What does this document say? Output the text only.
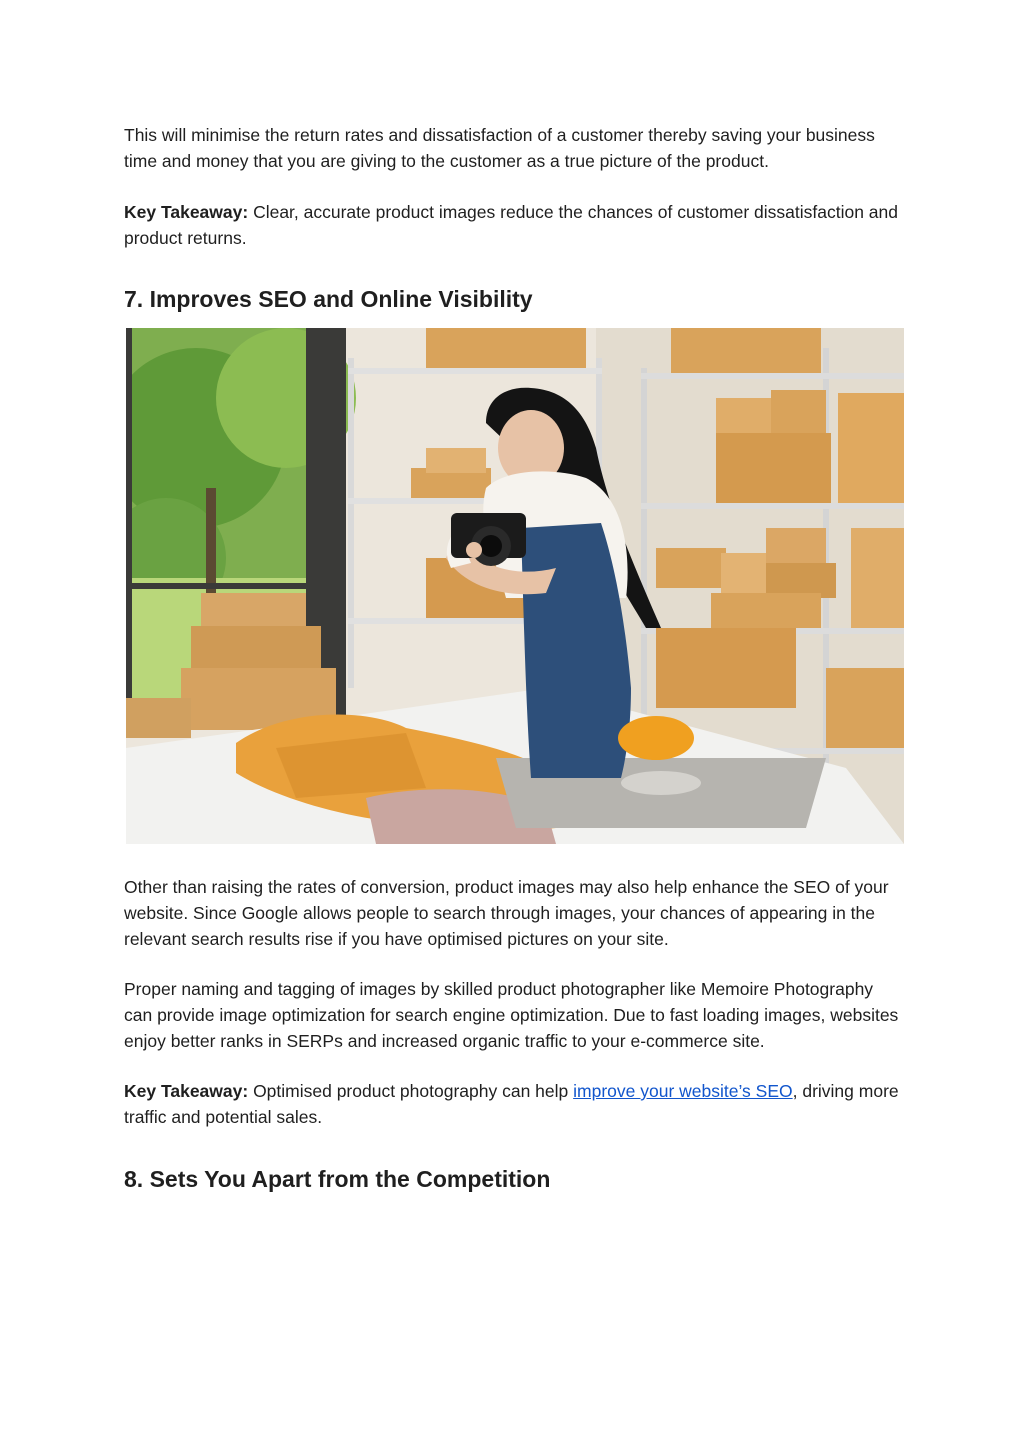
This will minimise the return rates and dissatisfaction of a customer thereby saving your business time and money that you are giving to the customer as a true picture of the product.

Key Takeaway: Clear, accurate product images reduce the chances of customer dissatisfaction and product returns.

7. Improves SEO and Online Visibility

Other than raising the rates of conversion, product images may also help enhance the SEO of your website. Since Google allows people to search through images, your chances of appearing in the relevant search results rise if you have optimised pictures on your site.

Proper naming and tagging of images by skilled product photographer like Memoire Photography can provide image optimization for search engine optimization. Due to fast loading images, websites enjoy better ranks in SERPs and increased organic traffic to your e-commerce site.

Key Takeaway: Optimised product photography can help improve your website’s SEO, driving more traffic and potential sales.

8. Sets You Apart from the Competition
